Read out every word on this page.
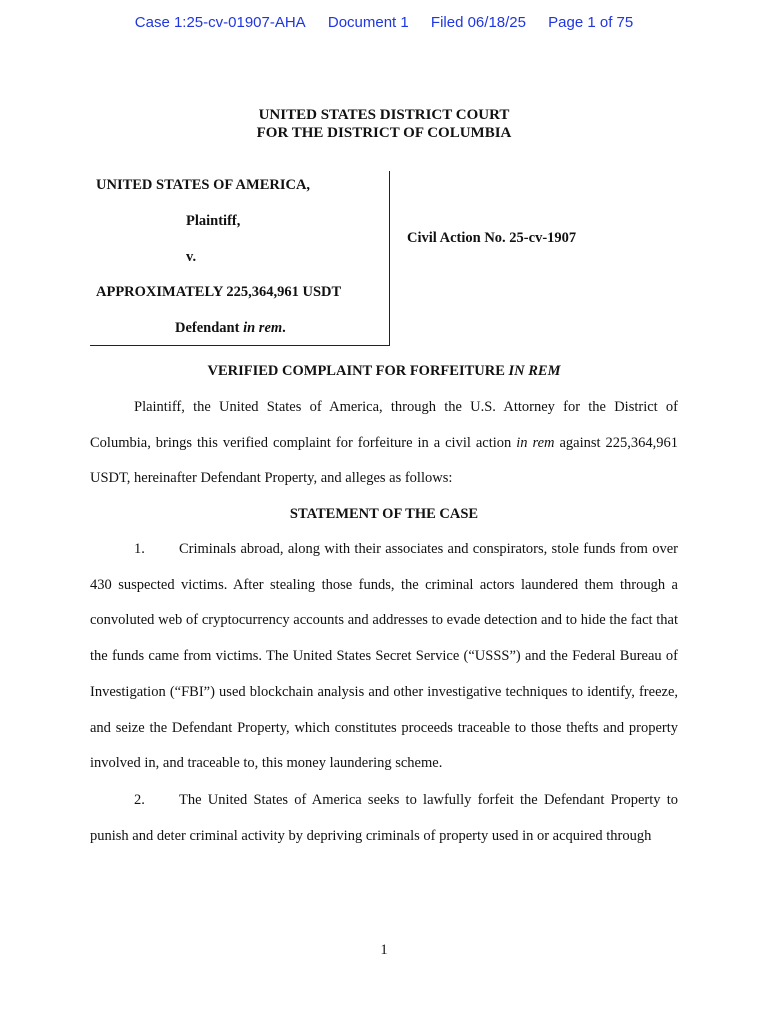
Case 1:25-cv-01907-AHA Document 1 Filed 06/18/25 Page 1 of 75
UNITED STATES DISTRICT COURT
FOR THE DISTRICT OF COLUMBIA
UNITED STATES OF AMERICA,
Plaintiff,
v.
APPROXIMATELY 225,364,961 USDT
Defendant in rem.
Civil Action No. 25-cv-1907
VERIFIED COMPLAINT FOR FORFEITURE IN REM
Plaintiff, the United States of America, through the U.S. Attorney for the District of Columbia, brings this verified complaint for forfeiture in a civil action in rem against 225,364,961 USDT, hereinafter Defendant Property, and alleges as follows:
STATEMENT OF THE CASE
1. Criminals abroad, along with their associates and conspirators, stole funds from over 430 suspected victims. After stealing those funds, the criminal actors laundered them through a convoluted web of cryptocurrency accounts and addresses to evade detection and to hide the fact that the funds came from victims. The United States Secret Service (“USSS”) and the Federal Bureau of Investigation (“FBI”) used blockchain analysis and other investigative techniques to identify, freeze, and seize the Defendant Property, which constitutes proceeds traceable to those thefts and property involved in, and traceable to, this money laundering scheme.
2. The United States of America seeks to lawfully forfeit the Defendant Property to punish and deter criminal activity by depriving criminals of property used in or acquired through
1
